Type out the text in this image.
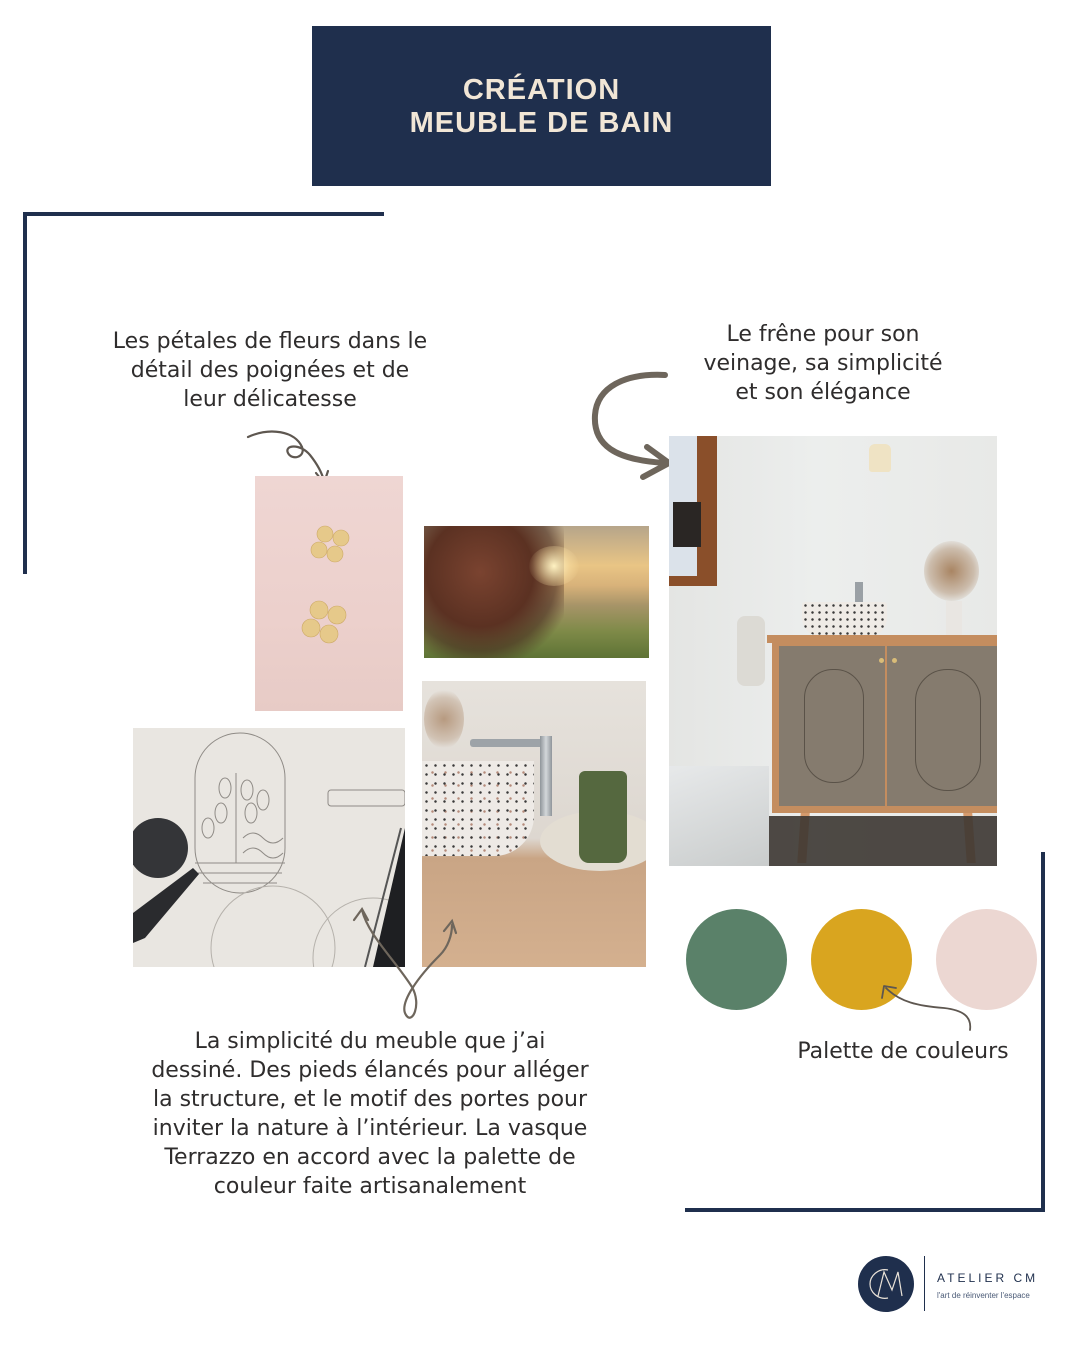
CRÉATION
MEUBLE DE BAIN
Les pétales de fleurs dans le
détail des poignées et de
leur délicatesse
Le frêne pour son
veinage, sa simplicité
et son élégance
Palette de couleurs
La simplicité du meuble que j’ai
dessiné. Des pieds élancés pour alléger
la structure, et le motif des portes pour
inviter la nature à l’intérieur. La vasque
Terrazzo en accord avec la palette de
couleur faite artisanalement
ATELIER CM
l'art de réinventer l'espace
